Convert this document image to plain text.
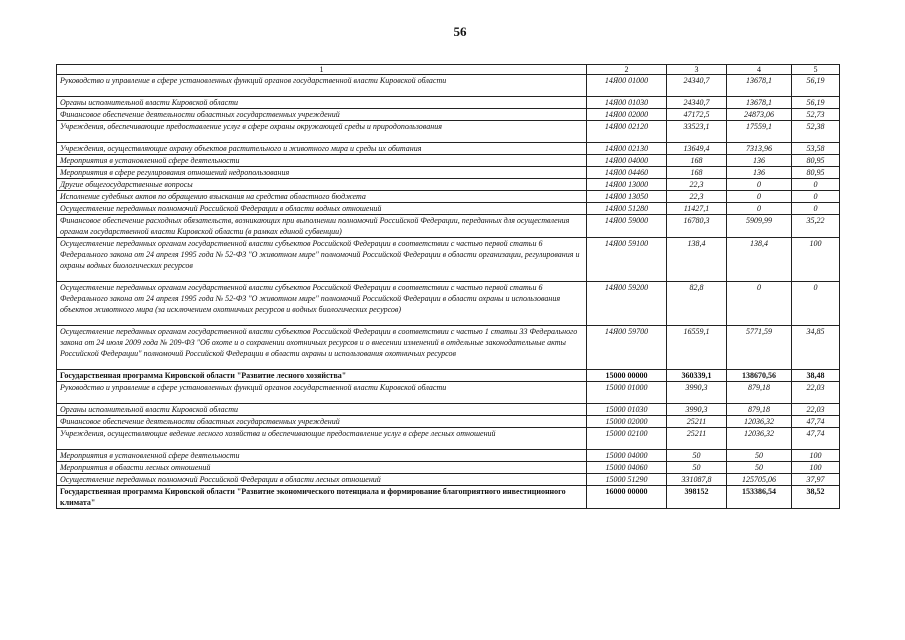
56
1	2	3	4	5
Руководство и управление в сфере установленных функций органов государственной власти Кировской области	14Я00 01000	24340,7	13678,1	56,19
Органы исполнительной власти Кировской области	14Я00 01030	24340,7	13678,1	56,19
Финансовое обеспечение деятельности областных государственных учреждений	14Я00 02000	47172,5	24873,06	52,73
Учреждения, обеспечивающие предоставление услуг в сфере охраны окружающей среды и природопользования	14Я00 02120	33523,1	17559,1	52,38
Учреждения, осуществляющие охрану объектов растительного и животного мира и среды их обитания	14Я00 02130	13649,4	7313,96	53,58
Мероприятия в установленной сфере деятельности	14Я00 04000	168	136	80,95
Мероприятия в сфере регулирования отношений недропользования	14Я00 04460	168	136	80,95
Другие общегосударственные вопросы	14Я00 13000	22,3	0	0
Исполнение судебных актов по обращению взыскания на средства областного бюджета	14Я00 13050	22,3	0	0
Осуществление переданных полномочий Российской Федерации в области водных отношений	14Я00 51280	11427,1	0	0
Финансовое обеспечение расходных обязательств, возникающих при выполнении полномочий Российской Федерации, переданных для осуществления органам государственной власти Кировской области (в рамках единой субвенции)	14Я00 59000	16780,3	5909,99	35,22
Осуществление переданных органам государственной власти субъектов Российской Федерации в соответствии с частью первой статьи 6 Федерального закона от 24 апреля 1995 года № 52-ФЗ "О животном мире" полномочий Российской Федерации в области организации, регулирования и охраны водных биологических ресурсов	14Я00 59100	138,4	138,4	100
Осуществление переданных органам государственной власти субъектов Российской Федерации в соответствии с частью первой статьи 6 Федерального закона от 24 апреля 1995 года № 52-ФЗ "О животном мире" полномочий Российской Федерации в области охраны и использования объектов животного мира (за исключением охотничьих ресурсов и водных биологических ресурсов)	14Я00 59200	82,8	0	0
Осуществление переданных органам государственной власти субъектов Российской Федерации в соответствии с частью 1 статьи 33 Федерального закона от 24 июля 2009 года № 209-ФЗ "Об охоте и о сохранении охотничьих ресурсов и о внесении изменений в отдельные законодательные акты Российской Федерации" полномочий Российской Федерации в области охраны и использования охотничьих ресурсов	14Я00 59700	16559,1	5771,59	34,85
Государственная программа Кировской области "Развитие лесного хозяйства"	15000 00000	360339,1	138670,56	38,48
Руководство и управление в сфере установленных функций органов государственной власти Кировской области	15000 01000	3990,3	879,18	22,03
Органы исполнительной власти Кировской области	15000 01030	3990,3	879,18	22,03
Финансовое обеспечение деятельности областных государственных учреждений	15000 02000	25211	12036,32	47,74
Учреждения, осуществляющие ведение лесного хозяйства и обеспечивающие предоставление услуг в сфере лесных отношений	15000 02100	25211	12036,32	47,74
Мероприятия в установленной сфере деятельности	15000 04000	50	50	100
Мероприятия в области лесных отношений	15000 04060	50	50	100
Осуществление переданных полномочий Российской Федерации в области лесных отношений	15000 51290	331087,8	125705,06	37,97
Государственная программа Кировской области "Развитие экономического потенциала и формирование благоприятного инвестиционного климата"	16000 00000	398152	153386,54	38,52
